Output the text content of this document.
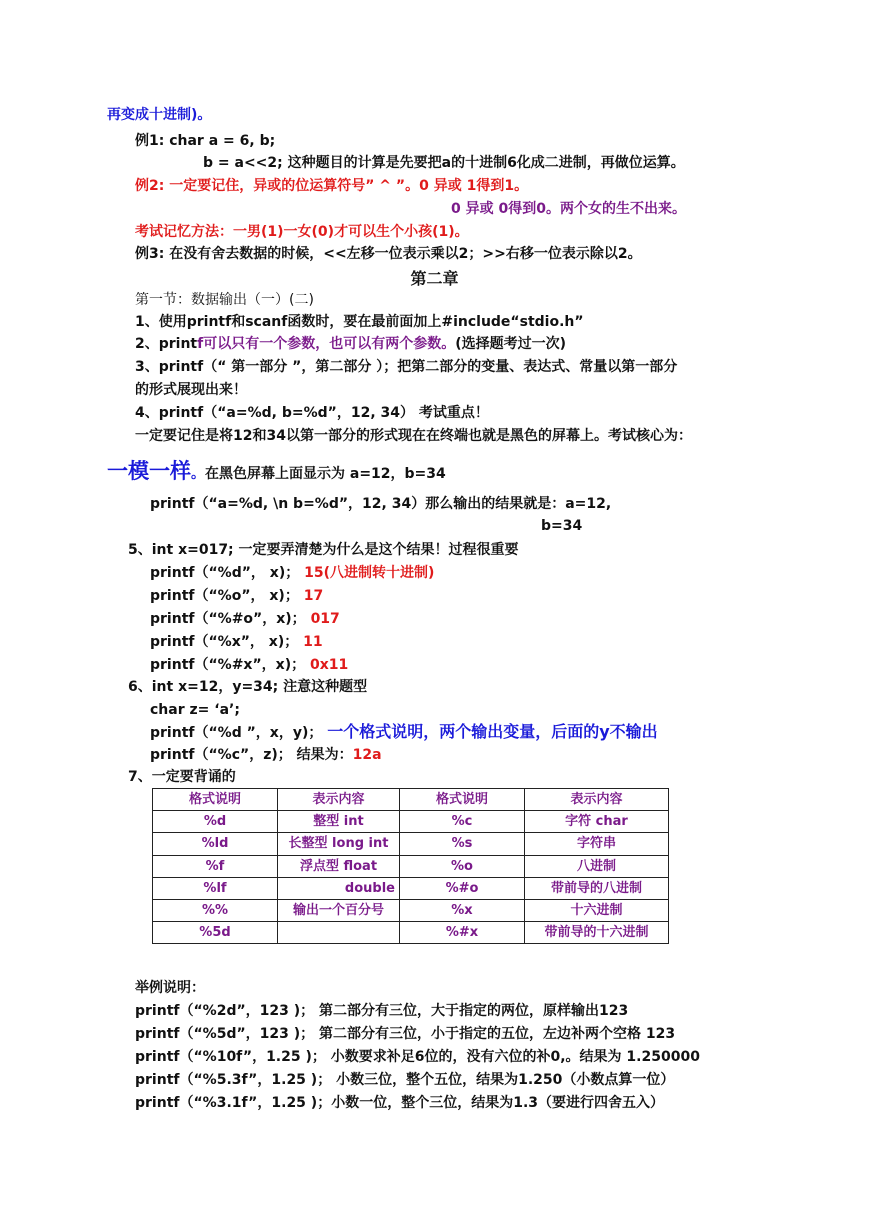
再变成十进制)。
例1: char a = 6, b;
b = a<<2; 这种题目的计算是先要把a的十进制6化成二进制，再做位运算。
例2: 一定要记住，异或的位运算符号” ^ ”。0 异或 1得到1。
0 异或 0得到0。两个女的生不出来。
考试记忆方法：一男(1)一女(0)才可以生个小孩(1)。
例3: 在没有舍去数据的时候，<<左移一位表示乘以2；>>右移一位表示除以2。
第二章
第一节：数据输出（一）(二)
1、使用printf和scanf函数时，要在最前面加上#include“stdio.h”
2、printf可以只有一个参数，也可以有两个参数。(选择题考过一次)
3、printf（“ 第一部分 ”，第二部分 ）；把第二部分的变量、表达式、常量以第一部分
的形式展现出来！
4、printf（“a=%d, b=%d”，12, 34） 考试重点！
一定要记住是将12和34以第一部分的形式现在在终端也就是黑色的屏幕上。考试核心为：
一模一样。在黑色屏幕上面显示为 a=12，b=34
printf（“a=%d, \n b=%d”，12, 34）那么输出的结果就是：a=12,
b=34
5、int x=017; 一定要弄清楚为什么是这个结果！过程很重要
printf（“%d”， x)； 15(八进制转十进制)
printf（“%o”， x)； 17
printf（“%#o”，x)； 017
printf（“%x”， x)； 11
printf（“%#x”，x)； 0x11
6、int x=12，y=34; 注意这种题型
char z= ‘a’;
printf（“%d ”，x，y)； 一个格式说明，两个输出变量，后面的y不输出
printf（“%c”，z)； 结果为：12a
7、一定要背诵的
格式说明	表示内容	格式说明	表示内容
%d	整型 int	%c	字符 char
%ld	长整型 long int	%s	字符串
%f	浮点型 float	%o	八进制
%lf	double	%#o	带前导的八进制
%%	输出一个百分号	%x	十六进制
%5d		%#x	带前导的十六进制
举例说明：
printf（“%2d”，123 )； 第二部分有三位，大于指定的两位，原样输出123
printf（“%5d”，123 )； 第二部分有三位，小于指定的五位，左边补两个空格 123
printf（“%10f”，1.25 )； 小数要求补足6位的，没有六位的补0,。结果为 1.250000
printf（“%5.3f”，1.25 )； 小数三位，整个五位，结果为1.250（小数点算一位）
printf（“%3.1f”，1.25 )；小数一位，整个三位，结果为1.3（要进行四舍五入）
